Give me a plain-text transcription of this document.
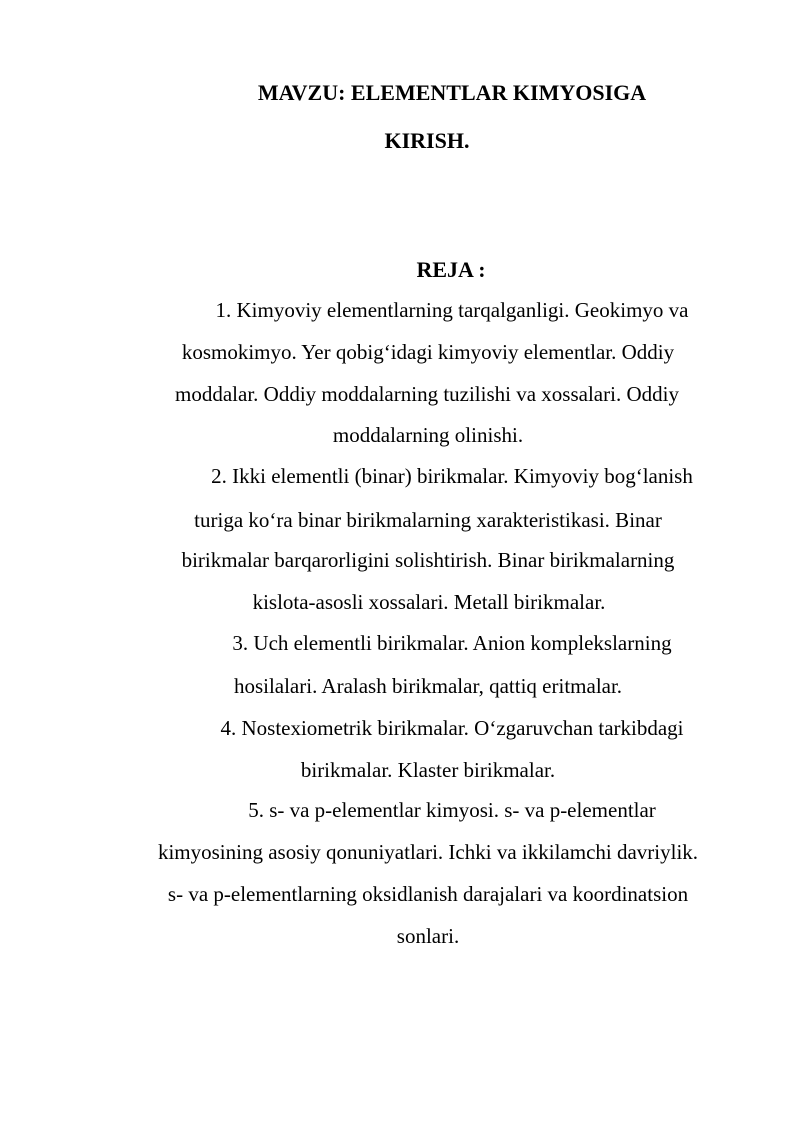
MAVZU: ELEMENTLAR KIMYOSIGA
KIRISH.
REJA :
1. Kimyoviy elementlarning tarqalganligi. Geokimyo va
kosmokimyo. Yer qobig‘idagi kimyoviy elementlar. Oddiy
moddalar. Oddiy moddalarning tuzilishi va xossalari. Oddiy
moddalarning olinishi.
2. Ikki elementli (binar) birikmalar. Kimyoviy bog‘lanish
turiga ko‘ra binar birikmalarning xarakteristikasi. Binar
birikmalar barqarorligini solishtirish. Binar birikmalarning
kislota-asosli xossalari. Metall birikmalar.
3. Uch elementli birikmalar. Anion komplekslarning
hosilalari. Aralash birikmalar, qattiq eritmalar.
4. Nostexiometrik birikmalar. O‘zgaruvchan tarkibdagi
birikmalar. Klaster birikmalar.
5. s- va p-elementlar kimyosi. s- va p-elementlar
kimyosining asosiy qonuniyatlari. Ichki va ikkilamchi davriylik.
s- va p-elementlarning oksidlanish darajalari va koordinatsion
sonlari.
